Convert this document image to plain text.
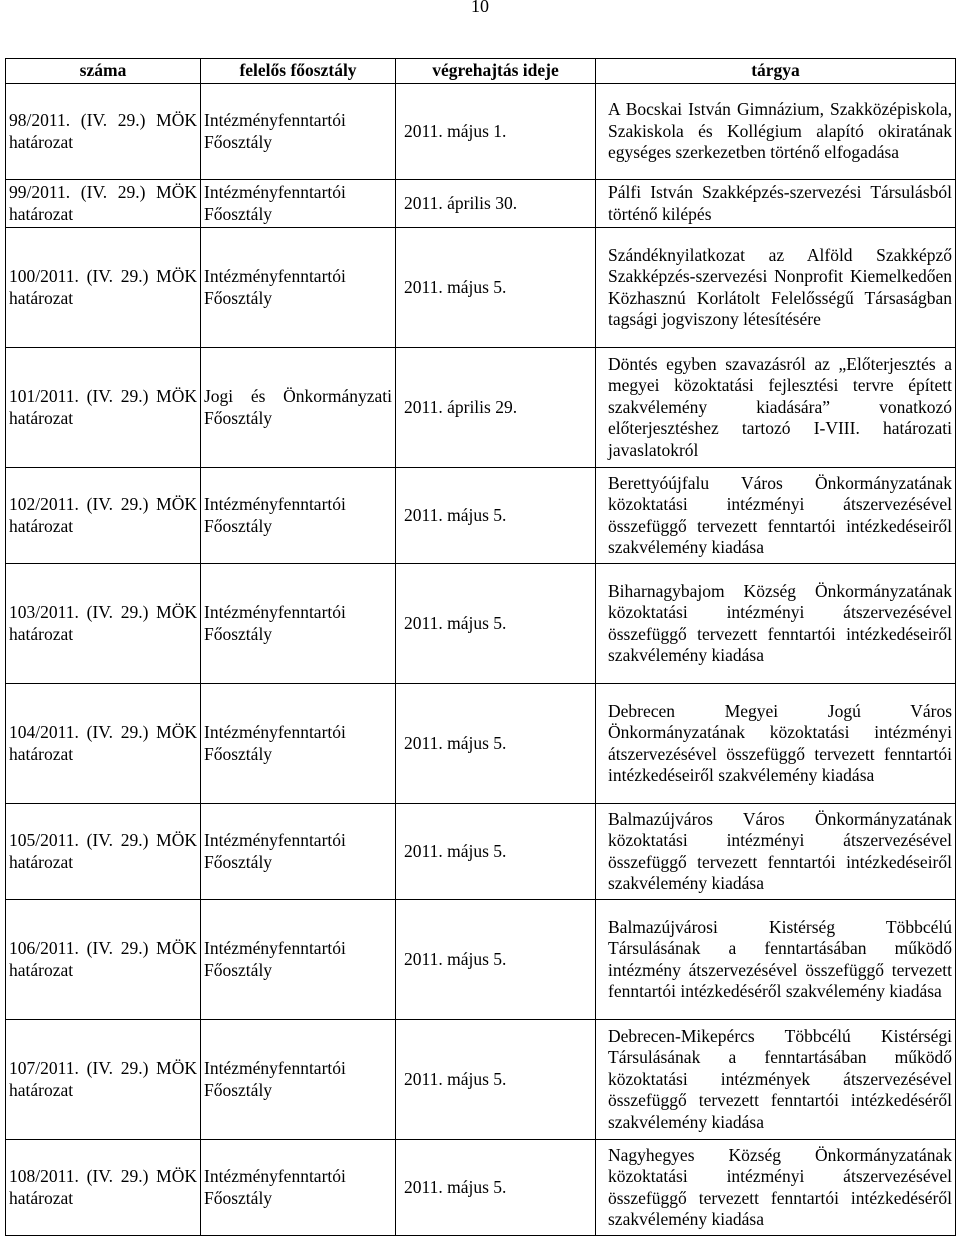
10
száma	felelős főosztály	végrehajtás ideje	tárgya
98/2011. (IV. 29.) MÖK határozat	Intézményfenntartói Főosztály	2011. május 1.	A Bocskai István Gimnázium, Szakközépiskola, Szakiskola és Kollégium alapító okiratának egységes szerkezetben történő elfogadása
99/2011. (IV. 29.) MÖK határozat	Intézményfenntartói Főosztály	2011. április 30.	Pálfi István Szakképzés-szervezési Társulásból történő kilépés
100/2011. (IV. 29.) MÖK határozat	Intézményfenntartói Főosztály	2011. május 5.	Szándéknyilatkozat az Alföld Szakképző Szakképzés-szervezési Nonprofit Kiemelkedően Közhasznú Korlátolt Felelősségű Társaságban tagsági jogviszony létesítésére
101/2011. (IV. 29.) MÖK határozat	Jogi és Önkormányzati Főosztály	2011. április 29.	Döntés egyben szavazásról az „Előterjesztés a megyei közoktatási fejlesztési tervre épített szakvélemény kiadására” vonatkozó előterjesztéshez tartozó I-VIII. határozati javaslatokról
102/2011. (IV. 29.) MÖK határozat	Intézményfenntartói Főosztály	2011. május 5.	Berettyóújfalu Város Önkormányzatának közoktatási intézményi átszervezésével összefüggő tervezett fenntartói intézkedéseiről szakvélemény kiadása
103/2011. (IV. 29.) MÖK határozat	Intézményfenntartói Főosztály	2011. május 5.	Biharnagybajom Község Önkormányzatának közoktatási intézményi átszervezésével összefüggő tervezett fenntartói intézkedéseiről szakvélemény kiadása
104/2011. (IV. 29.) MÖK határozat	Intézményfenntartói Főosztály	2011. május 5.	Debrecen Megyei Jogú Város Önkormányzatának közoktatási intézményi átszervezésével összefüggő tervezett fenntartói intézkedéseiről szakvélemény kiadása
105/2011. (IV. 29.) MÖK határozat	Intézményfenntartói Főosztály	2011. május 5.	Balmazújváros Város Önkormányzatának közoktatási intézményi átszervezésével összefüggő tervezett fenntartói intézkedéseiről szakvélemény kiadása
106/2011. (IV. 29.) MÖK határozat	Intézményfenntartói Főosztály	2011. május 5.	Balmazújvárosi Kistérség Többcélú Társulásának a fenntartásában működő intézmény átszervezésével összefüggő tervezett fenntartói intézkedéséről szakvélemény kiadása
107/2011. (IV. 29.) MÖK határozat	Intézményfenntartói Főosztály	2011. május 5.	Debrecen-Mikepércs Többcélú Kistérségi Társulásának a fenntartásában működő közoktatási intézmények átszervezésével összefüggő tervezett fenntartói intézkedéséről szakvélemény kiadása
108/2011. (IV. 29.) MÖK határozat	Intézményfenntartói Főosztály	2011. május 5.	Nagyhegyes Község Önkormányzatának közoktatási intézményi átszervezésével összefüggő tervezett fenntartói intézkedéséről szakvélemény kiadása
